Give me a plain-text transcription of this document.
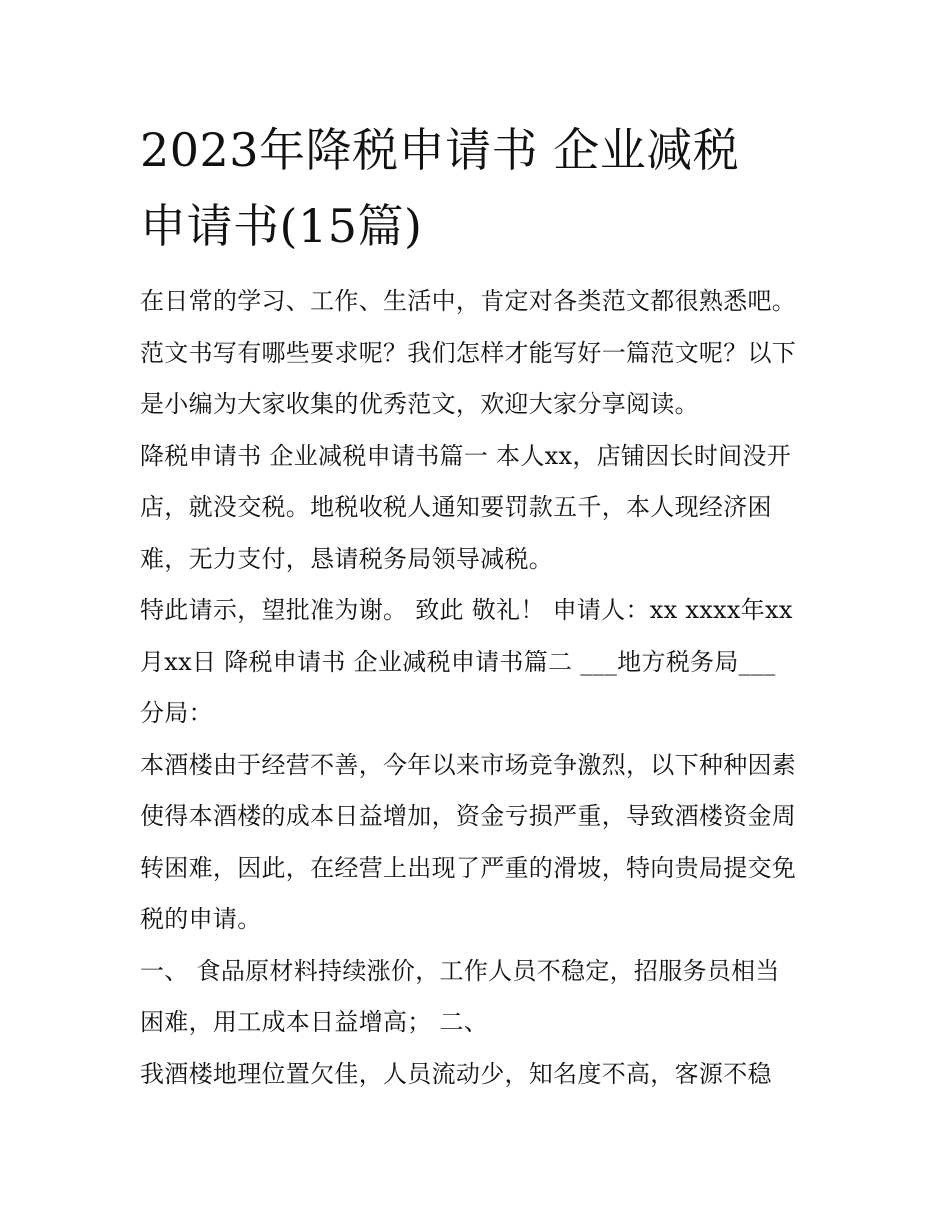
2023年降税申请书 企业减税
申请书(15篇)
在日常的学习、工作、生活中，肯定对各类范文都很熟悉吧。
范文书写有哪些要求呢？我们怎样才能写好一篇范文呢？以下
是小编为大家收集的优秀范文，欢迎大家分享阅读。
降税申请书 企业减税申请书篇一 本人xx，店铺因长时间没开
店，就没交税。地税收税人通知要罚款五千，本人现经济困
难，无力支付，恳请税务局领导减税。
特此请示，望批准为谢。 致此 敬礼！ 申请人：xx xxxx年xx
月xx日 降税申请书 企业减税申请书篇二 ___地方税务局___
分局：
本酒楼由于经营不善，今年以来市场竞争激烈，以下种种因素
使得本酒楼的成本日益增加，资金亏损严重，导致酒楼资金周
转困难，因此，在经营上出现了严重的滑坡，特向贵局提交免
税的申请。
一、 食品原材料持续涨价，工作人员不稳定，招服务员相当
困难，用工成本日益增高； 二、
我酒楼地理位置欠佳，人员流动少，知名度不高，客源不稳
